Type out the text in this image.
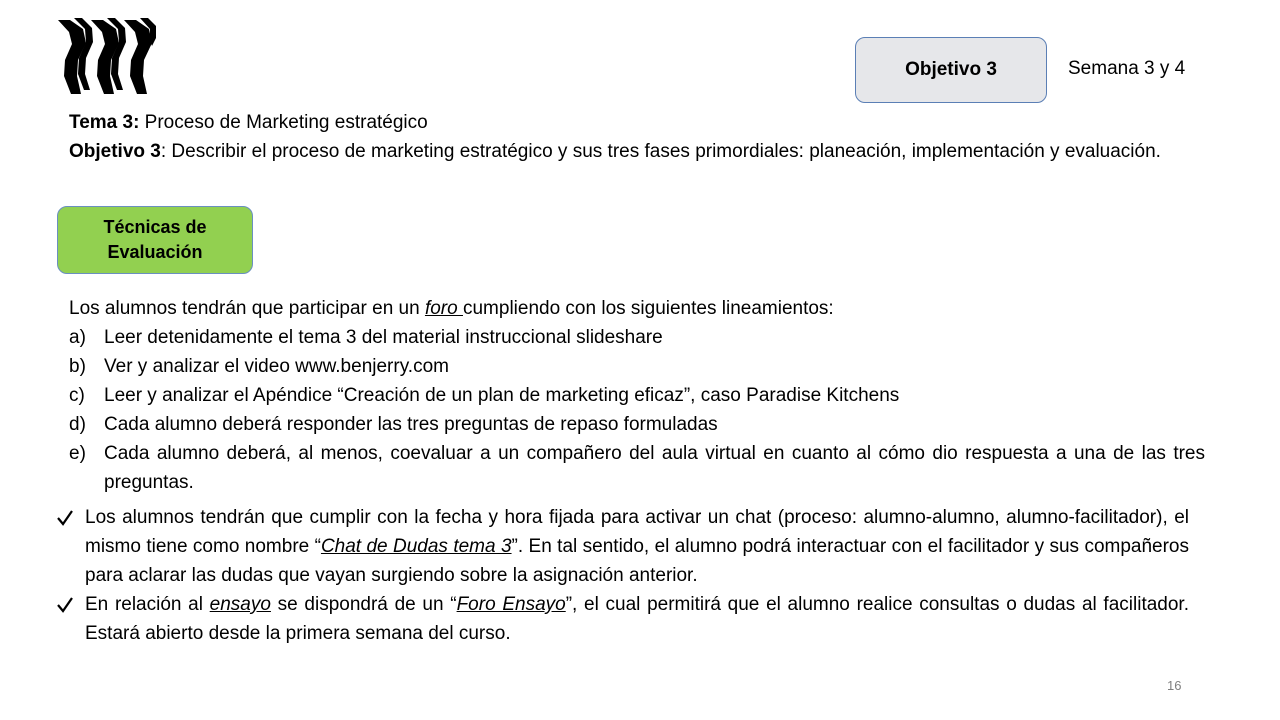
Objetivo 3	Semana 3 y 4

Tema 3: Proceso de Marketing estratégico

Objetivo 3: Describir el proceso de marketing estratégico y sus tres fases primordiales: planeación, implementación y evaluación.

Técnicas de
Evaluación

Los alumnos tendrán que participar en un foro cumpliendo con los siguientes lineamientos:

a) Leer detenidamente el tema 3 del material instruccional slideshare
b) Ver y analizar el video www.benjerry.com
c) Leer y analizar el Apéndice “Creación de un plan de marketing eficaz”, caso Paradise Kitchens
d) Cada alumno deberá responder las tres preguntas de repaso formuladas
e) Cada alumno deberá, al menos, coevaluar a un compañero del aula virtual en cuanto al cómo dio respuesta a una de las tres preguntas.
Los alumnos tendrán que cumplir con la fecha y hora fijada para activar un chat (proceso: alumno-alumno, alumno-facilitador), el mismo tiene como nombre “Chat de Dudas tema 3”. En tal sentido, el alumno podrá interactuar con el facilitador y sus compañeros para aclarar las dudas que vayan surgiendo sobre la asignación anterior.
En relación al ensayo se dispondrá de un “Foro Ensayo”, el cual permitirá que el alumno realice consultas o dudas al facilitador. Estará abierto desde la primera semana del curso.
16
